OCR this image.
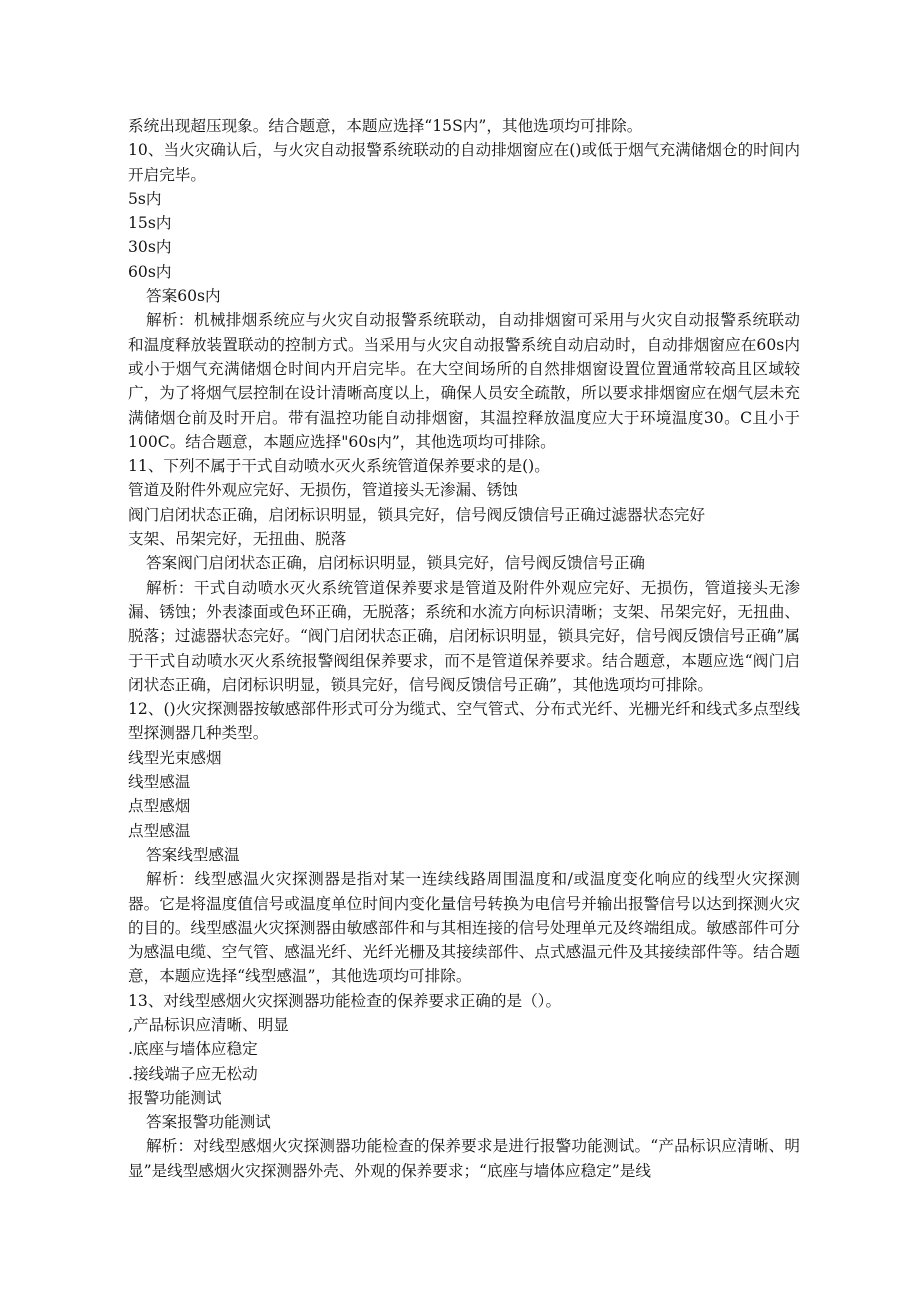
系统出现超压现象。结合题意，本题应选择“15S内”，其他选项均可排除。

10、当火灾确认后，与火灾自动报警系统联动的自动排烟窗应在()或低于烟气充满储烟仓的时间内开启完毕。

5s内

15s内

30s内

60s内

答案60s内

解析：机械排烟系统应与火灾自动报警系统联动，自动排烟窗可采用与火灾自动报警系统联动和温度释放装置联动的控制方式。当采用与火灾自动报警系统自动启动时，自动排烟窗应在60s内或小于烟气充满储烟仓时间内开启完毕。在大空间场所的自然排烟窗设置位置通常较高且区域较广，为了将烟气层控制在设计清晰高度以上，确保人员安全疏散，所以要求排烟窗应在烟气层未充满储烟仓前及时开启。带有温控功能自动排烟窗，其温控释放温度应大于环境温度30。C且小于100C。结合题意，本题应选择"60s内”，其他选项均可排除。

11、下列不属于干式自动喷水灭火系统管道保养要求的是()。

管道及附件外观应完好、无损伤，管道接头无渗漏、锈蚀

阀门启闭状态正确，启闭标识明显，锁具完好，信号阀反馈信号正确过滤器状态完好

支架、吊架完好，无扭曲、脱落

答案阀门启闭状态正确，启闭标识明显，锁具完好，信号阀反馈信号正确

解析：干式自动喷水灭火系统管道保养要求是管道及附件外观应完好、无损伤，管道接头无渗漏、锈蚀；外表漆面或色环正确，无脱落；系统和水流方向标识清晰；支架、吊架完好，无扭曲、脱落；过滤器状态完好。“阀门启闭状态正确，启闭标识明显，锁具完好，信号阀反馈信号正确”属于干式自动喷水灭火系统报警阀组保养要求，而不是管道保养要求。结合题意，本题应选“阀门启闭状态正确，启闭标识明显，锁具完好，信号阀反馈信号正确”，其他选项均可排除。

12、()火灾探测器按敏感部件形式可分为缆式、空气管式、分布式光纤、光栅光纤和线式多点型线型探测器几种类型。

线型光束感烟

线型感温

点型感烟

点型感温

答案线型感温

解析：线型感温火灾探测器是指对某一连续线路周围温度和/或温度变化响应的线型火灾探测器。它是将温度值信号或温度单位时间内变化量信号转换为电信号并输出报警信号以达到探测火灾的目的。线型感温火灾探测器由敏感部件和与其相连接的信号处理单元及终端组成。敏感部件可分为感温电缆、空气管、感温光纤、光纤光栅及其接续部件、点式感温元件及其接续部件等。结合题意，本题应选择“线型感温”，其他选项均可排除。

13、对线型感烟火灾探测器功能检查的保养要求正确的是（）。

,产品标识应清晰、明显

.底座与墙体应稳定

.接线端子应无松动

报警功能测试

答案报警功能测试

解析：对线型感烟火灾探测器功能检查的保养要求是进行报警功能测试。“产品标识应清晰、明显”是线型感烟火灾探测器外壳、外观的保养要求；“底座与墙体应稳定”是线
